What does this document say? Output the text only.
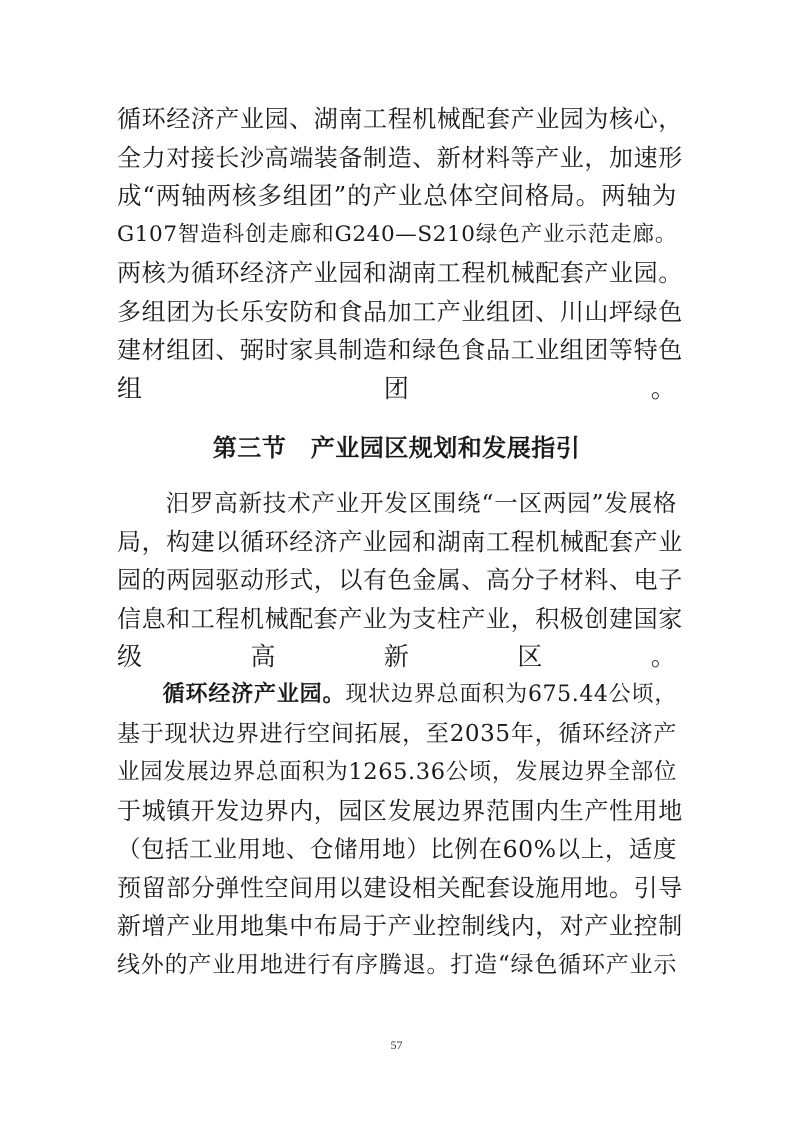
循环经济产业园、湖南工程机械配套产业园为核心，
全力对接长沙高端装备制造、新材料等产业，加速形
成“两轴两核多组团”的产业总体空间格局。两轴为
G107智造科创走廊和G240—S210绿色产业示范走廊。
两核为循环经济产业园和湖南工程机械配套产业园。
多组团为长乐安防和食品加工产业组团、川山坪绿色
建材组团、弼时家具制造和绿色食品工业组团等特色
组团。
第三节　产业园区规划和发展指引
　　汨罗高新技术产业开发区围绕“一区两园”发展格
局，构建以循环经济产业园和湖南工程机械配套产业
园的两园驱动形式，以有色金属、高分子材料、电子
信息和工程机械配套产业为支柱产业，积极创建国家
级高新区。
　　循环经济产业园。现状边界总面积为675.44公顷，
基于现状边界进行空间拓展，至2035年，循环经济产
业园发展边界总面积为1265.36公顷，发展边界全部位
于城镇开发边界内，园区发展边界范围内生产性用地
（包括工业用地、仓储用地）比例在60%以上，适度
预留部分弹性空间用以建设相关配套设施用地。引导
新增产业用地集中布局于产业控制线内，对产业控制
线外的产业用地进行有序腾退。打造“绿色循环产业示
57
